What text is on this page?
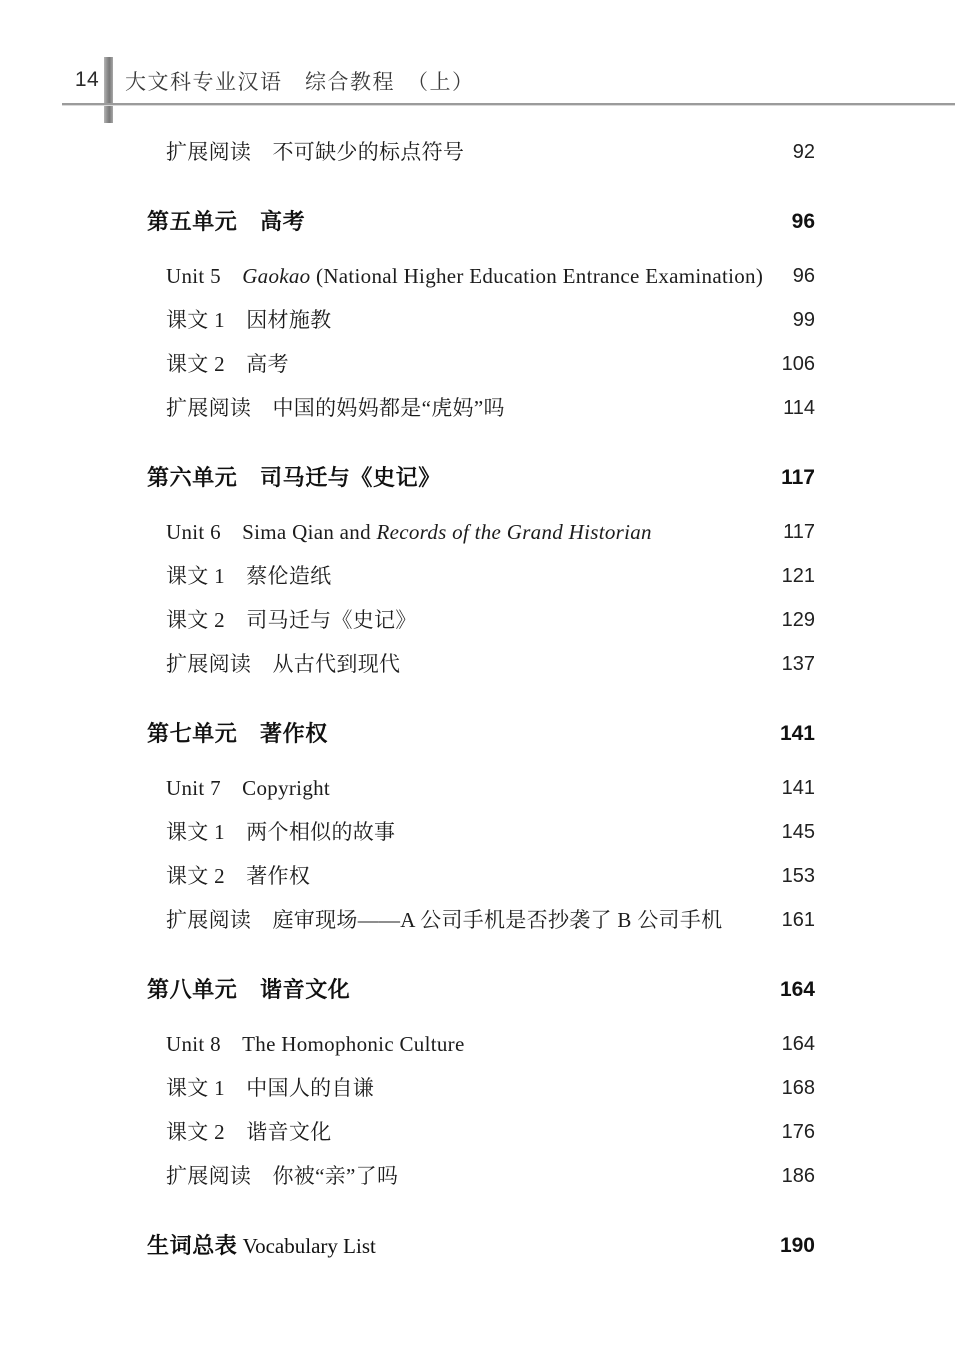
14 大文科专业汉语　综合教程　（上）
扩展阅读　不可缺少的标点符号	92
第五单元　高考	96
Unit 5　Gaokao (National Higher Education Entrance Examination)	96
课文 1　因材施教	99
课文 2　高考	106
扩展阅读　中国的妈妈都是“虎妈”吗	114
第六单元　司马迁与《史记》	117
Unit 6　Sima Qian and Records of the Grand Historian	117
课文 1　蔡伦造纸	121
课文 2　司马迁与《史记》	129
扩展阅读　从古代到现代	137
第七单元　著作权	141
Unit 7　Copyright	141
课文 1　两个相似的故事	145
课文 2　著作权	153
扩展阅读　庭审现场——A 公司手机是否抄袭了 B 公司手机	161
第八单元　谐音文化	164
Unit 8　The Homophonic Culture	164
课文 1　中国人的自谦	168
课文 2　谐音文化	176
扩展阅读　你被“亲”了吗	186
生词总表 Vocabulary List	190
